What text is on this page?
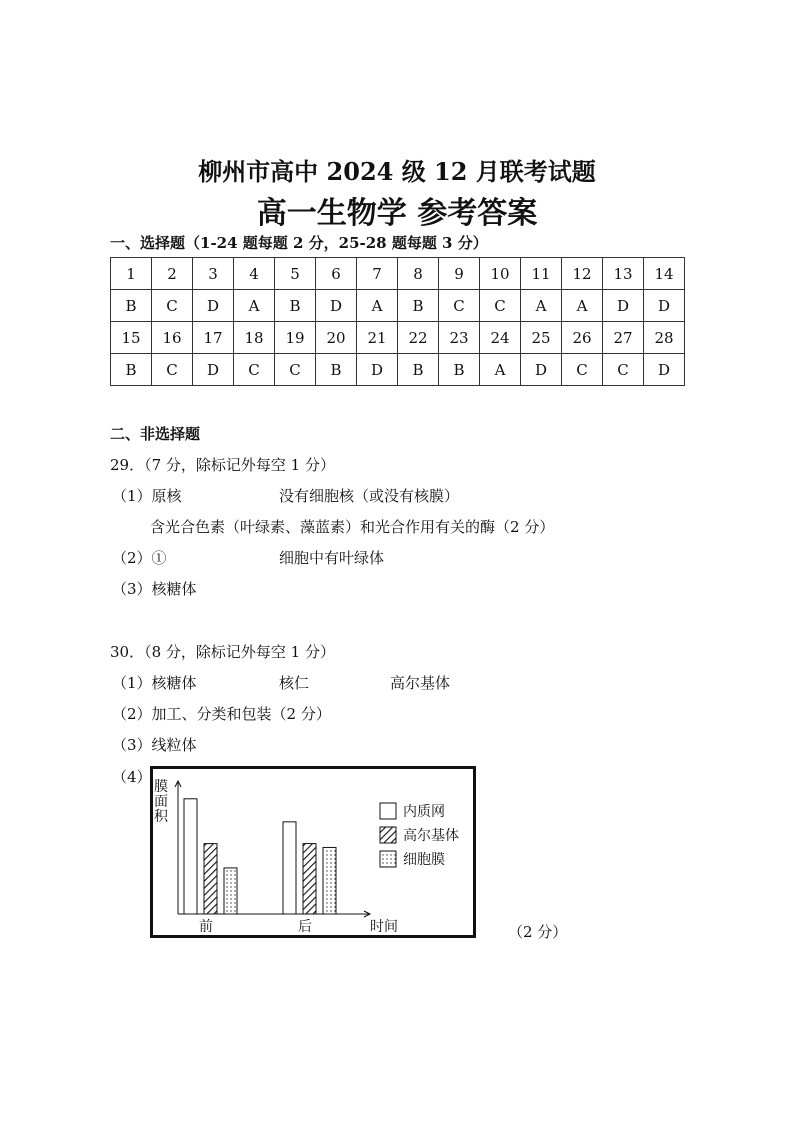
柳州市高中 2024 级 12 月联考试题
高一生物学 参考答案
一、选择题（1-24 题每题 2 分，25-28 题每题 3 分）
1	2	3	4	5	6	7	8	9	10	11	12	13	14
B	C	D	A	B	D	A	B	C	C	A	A	D	D
15	16	17	18	19	20	21	22	23	24	25	26	27	28
B	C	D	C	C	B	D	B	B	A	D	C	C	D
二、非选择题
29．（7 分，除标记外每空 1 分）
（1）原核	没有细胞核（或没有核膜）
含光合色素（叶绿素、藻蓝素）和光合作用有关的酶（2 分）
（2）①	细胞中有叶绿体
（3）核糖体
30．（8 分，除标记外每空 1 分）
（1）核糖体	核仁	高尔基体
（2）加工、分类和包装（2 分）
（3）线粒体
（4）
（2 分）
内质网
高尔基体
细胞膜
膜面积
前	后	时间
